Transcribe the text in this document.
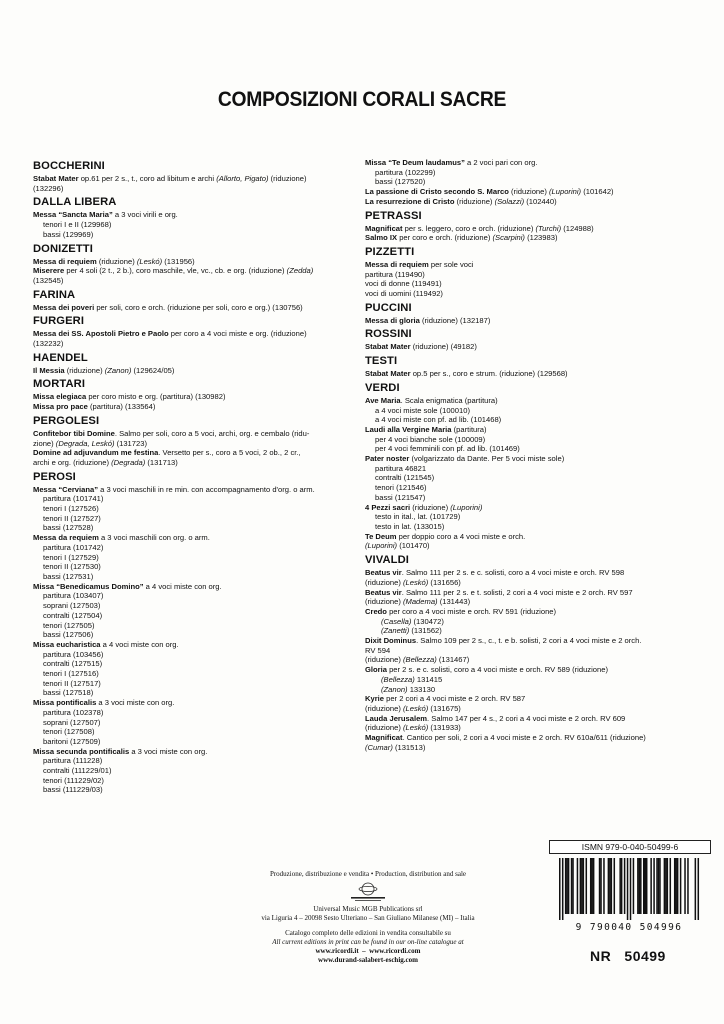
COMPOSIZIONI CORALI SACRE
BOCCHERINI
Stabat Mater op.61 per 2 s., t., coro ad libitum e archi (Allorto, Pigato) (riduzione)
(132296)
DALLA LIBERA
Messa “Sancta Maria” a 3 voci virili e org.
tenori I e II (129968)
bassi (129969)
DONIZETTI
Messa di requiem (riduzione) (Leskó) (131956)
Miserere per 4 soli (2 t., 2 b.), coro maschile, vle, vc., cb. e org. (riduzione) (Zedda)
(132545)
FARINA
Messa dei poveri per soli, coro e orch. (riduzione per soli, coro e org.) (130756)
FURGERI
Messa dei SS. Apostoli Pietro e Paolo per coro a 4 voci miste e org. (riduzione)
(132232)
HAENDEL
Il Messia (riduzione) (Zanon) (129624/05)
MORTARI
Missa elegiaca per coro misto e org. (partitura) (130982)
Missa pro pace (partitura) (133564)
PERGOLESI
Confitebor tibi Domine. Salmo per soli, coro a 5 voci, archi, org. e cembalo (ridu-
zione) (Degrada, Leskó) (131723)
Domine ad adjuvandum me festina. Versetto per s., coro a 5 voci, 2 ob., 2 cr.,
archi e org. (riduzione) (Degrada) (131713)
PEROSI
Messa “Cerviana” a 3 voci maschili in re min. con accompagnamento d'org. o arm.
partitura (101741)
tenori I (127526)
tenori II (127527)
bassi (127528)
Messa da requiem a 3 voci maschili con org. o arm.
partitura (101742)
tenori I (127529)
tenori II (127530)
bassi (127531)
Missa “Benedicamus Domino” a 4 voci miste con org.
partitura (103407)
soprani (127503)
contralti (127504)
tenori (127505)
bassi (127506)
Missa eucharistica a 4 voci miste con org.
partitura (103456)
contralti (127515)
tenori I (127516)
tenori II (127517)
bassi (127518)
Missa pontificalis a 3 voci miste con org.
partitura (102378)
soprani (127507)
tenori (127508)
baritoni (127509)
Missa secunda pontificalis a 3 voci miste con org.
partitura (111228)
contralti (111229/01)
tenori (111229/02)
bassi (111229/03)
Missa “Te Deum laudamus” a 2 voci pari con org.
partitura (102299)
bassi (127520)
La passione di Cristo secondo S. Marco (riduzione) (Luporini) (101642)
La resurrezione di Cristo (riduzione) (Solazzi) (102440)
PETRASSI
Magnificat per s. leggero, coro e orch. (riduzione) (Turchi) (124988)
Salmo IX per coro e orch. (riduzione) (Scarpini) (123983)
PIZZETTI
Messa di requiem per sole voci
partitura (119490)
voci di donne (119491)
voci di uomini (119492)
PUCCINI
Messa di gloria (riduzione) (132187)
ROSSINI
Stabat Mater (riduzione) (49182)
TESTI
Stabat Mater op.5 per s., coro e strum. (riduzione) (129568)
VERDI
Ave Maria. Scala enigmatica (partitura)
a 4 voci miste sole (100010)
a 4 voci miste con pf. ad lib. (101468)
Laudi alla Vergine Maria (partitura)
per 4 voci bianche sole (100009)
per 4 voci femminili con pf. ad lib. (101469)
Pater noster (volgarizzato da Dante. Per 5 voci miste sole)
partitura 46821
contralti (121545)
tenori (121546)
bassi (121547)
4 Pezzi sacri (riduzione) (Luporini)
testo in ital., lat. (101729)
testo in lat. (133015)
Te Deum per doppio coro a 4 voci miste e orch.
(Luporini) (101470)
VIVALDI
Beatus vir. Salmo 111 per 2 s. e c. solisti, coro a 4 voci miste e orch. RV 598
(riduzione) (Leskó) (131656)
Beatus vir. Salmo 111 per 2 s. e t. solisti, 2 cori a 4 voci miste e 2 orch. RV 597
(riduzione) (Madema) (131443)
Credo per coro a 4 voci miste e orch. RV 591 (riduzione)
(Casella) (130472)
(Zanetti) (131562)
Dixit Dominus. Salmo 109 per 2 s., c., t. e b. solisti, 2 cori a 4 voci miste e 2 orch.
RV 594
(riduzione) (Bellezza) (131467)
Gloria per 2 s. e c. solisti, coro a 4 voci miste e orch. RV 589 (riduzione)
(Bellezza) 131415
(Zanon) 133130
Kyrie per 2 cori a 4 voci miste e 2 orch. RV 587
(riduzione) (Leskó) (131675)
Lauda Jerusalem. Salmo 147 per 4 s., 2 cori a 4 voci miste e 2 orch. RV 609
(riduzione) (Leskó) (131933)
Magnificat. Cantico per soli, 2 cori a 4 voci miste e 2 orch. RV 610a/611 (riduzione)
(Cumar) (131513)
ISMN 979-0-040-50499-6
9 790040 504996
NR 50499
Produzione, distribuzione e vendita • Production, distribution and sale
Universal Music MGB Publications srl
via Liguria 4 – 20098 Sesto Ulteriano – San Giuliano Milanese (MI) – Italia
Catalogo completo delle edizioni in vendita consultabile su
All current editions in print can be found in our on-line catalogue at
www.ricordi.it  –  www.ricordi.com
www.durand-salabert-eschig.com
